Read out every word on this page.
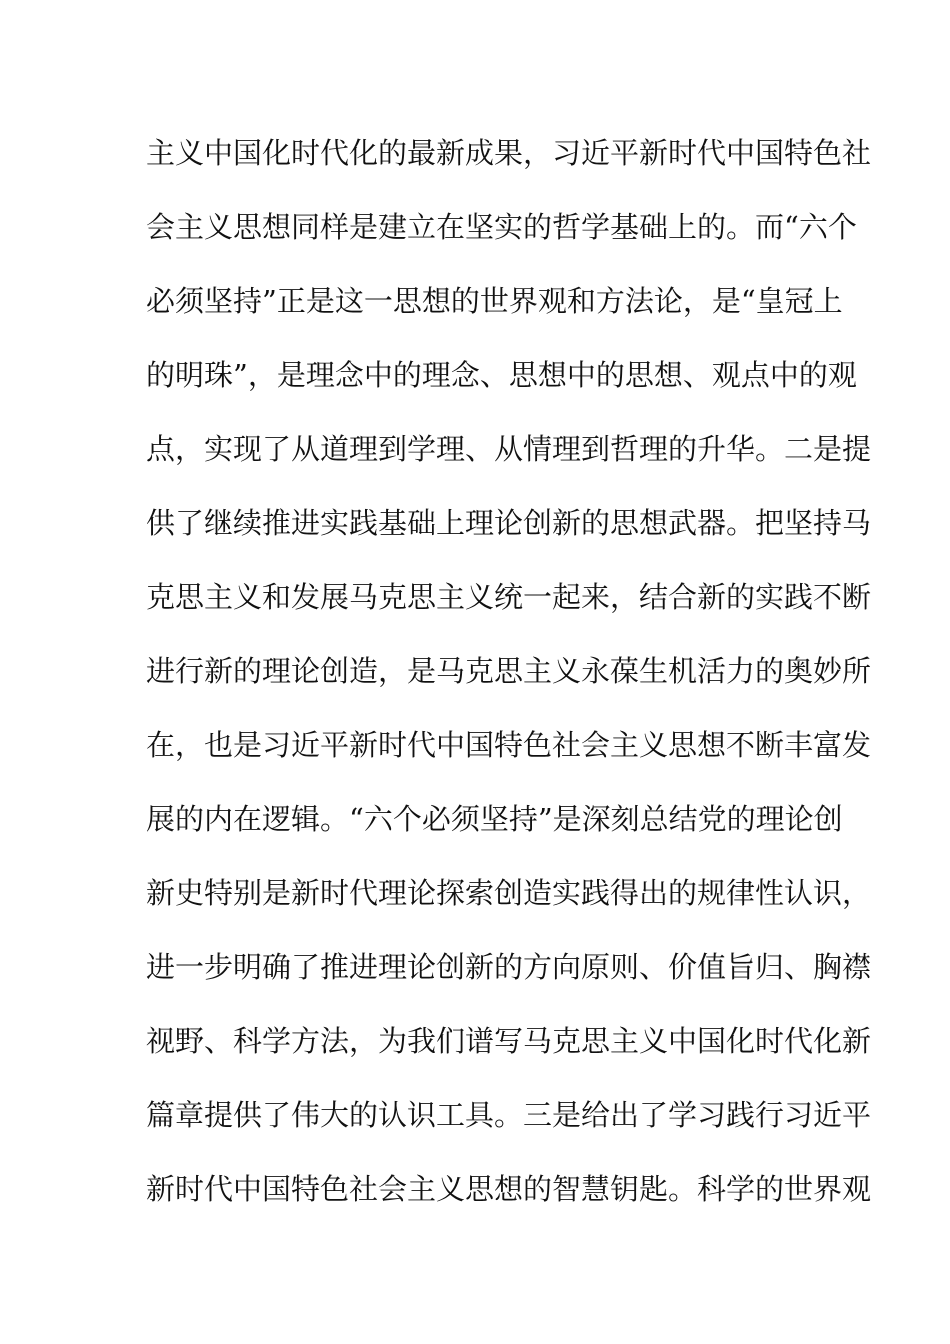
主义中国化时代化的最新成果，习近平新时代中国特色社
会主义思想同样是建立在坚实的哲学基础上的。而“六个
必须坚持”正是这一思想的世界观和方法论，是“皇冠上
的明珠”，是理念中的理念、思想中的思想、观点中的观
点，实现了从道理到学理、从情理到哲理的升华。二是提
供了继续推进实践基础上理论创新的思想武器。把坚持马
克思主义和发展马克思主义统一起来，结合新的实践不断
进行新的理论创造，是马克思主义永葆生机活力的奥妙所
在，也是习近平新时代中国特色社会主义思想不断丰富发
展的内在逻辑。“六个必须坚持”是深刻总结党的理论创
新史特别是新时代理论探索创造实践得出的规律性认识，
进一步明确了推进理论创新的方向原则、价值旨归、胸襟
视野、科学方法，为我们谱写马克思主义中国化时代化新
篇章提供了伟大的认识工具。三是给出了学习践行习近平
新时代中国特色社会主义思想的智慧钥匙。科学的世界观
